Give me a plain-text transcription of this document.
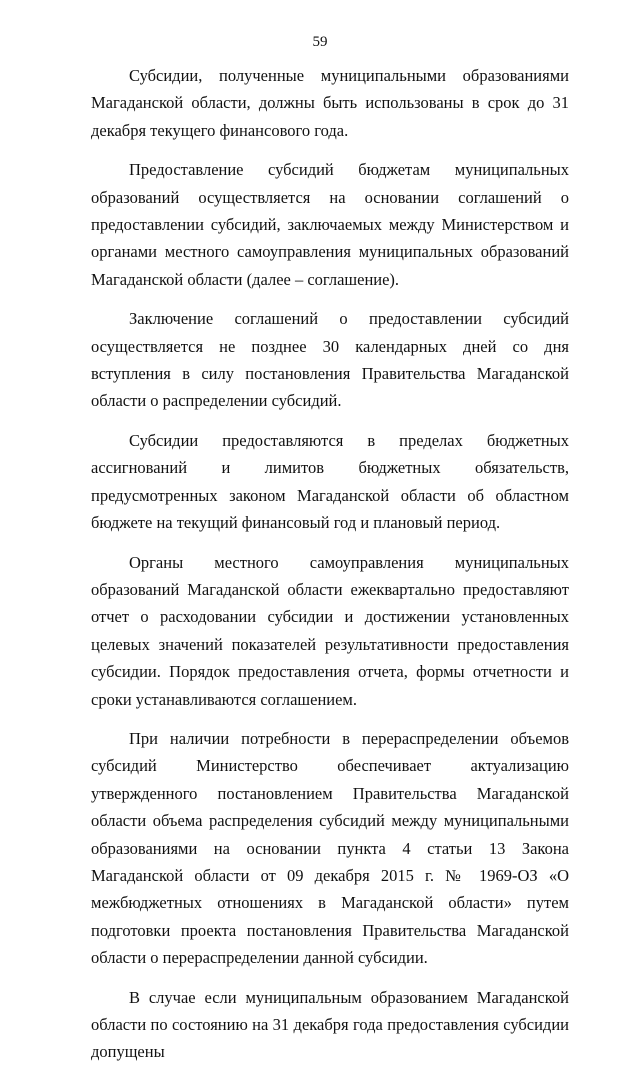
59

Субсидии, полученные муниципальными образованиями Магаданской области, должны быть использованы в срок до 31 декабря текущего финансового года.

Предоставление субсидий бюджетам муниципальных образований осуществляется на основании соглашений о предоставлении субсидий, заключаемых между Министерством и органами местного самоуправления муниципальных образований Магаданской области (далее – соглашение).

Заключение соглашений о предоставлении субсидий осуществляется не позднее 30 календарных дней со дня вступления в силу постановления Правительства Магаданской области о распределении субсидий.

Субсидии предоставляются в пределах бюджетных ассигнований и лимитов бюджетных обязательств, предусмотренных законом Магаданской области об областном бюджете на текущий финансовый год и плановый период.

Органы местного самоуправления муниципальных образований Магаданской области ежеквартально предоставляют отчет о расходовании субсидии и достижении установленных целевых значений показателей результативности предоставления субсидии. Порядок предоставления отчета, формы отчетности и сроки устанавливаются соглашением.

При наличии потребности в перераспределении объемов субсидий Министерство обеспечивает актуализацию утвержденного постановлением Правительства Магаданской области объема распределения субсидий между муниципальными образованиями на основании пункта 4 статьи 13 Закона Магаданской области от 09 декабря 2015 г. № 1969-ОЗ «О межбюджетных отношениях в Магаданской области» путем подготовки проекта постановления Правительства Магаданской области о перераспределении данной субсидии.

В случае если муниципальным образованием Магаданской области по состоянию на 31 декабря года предоставления субсидии допущены
